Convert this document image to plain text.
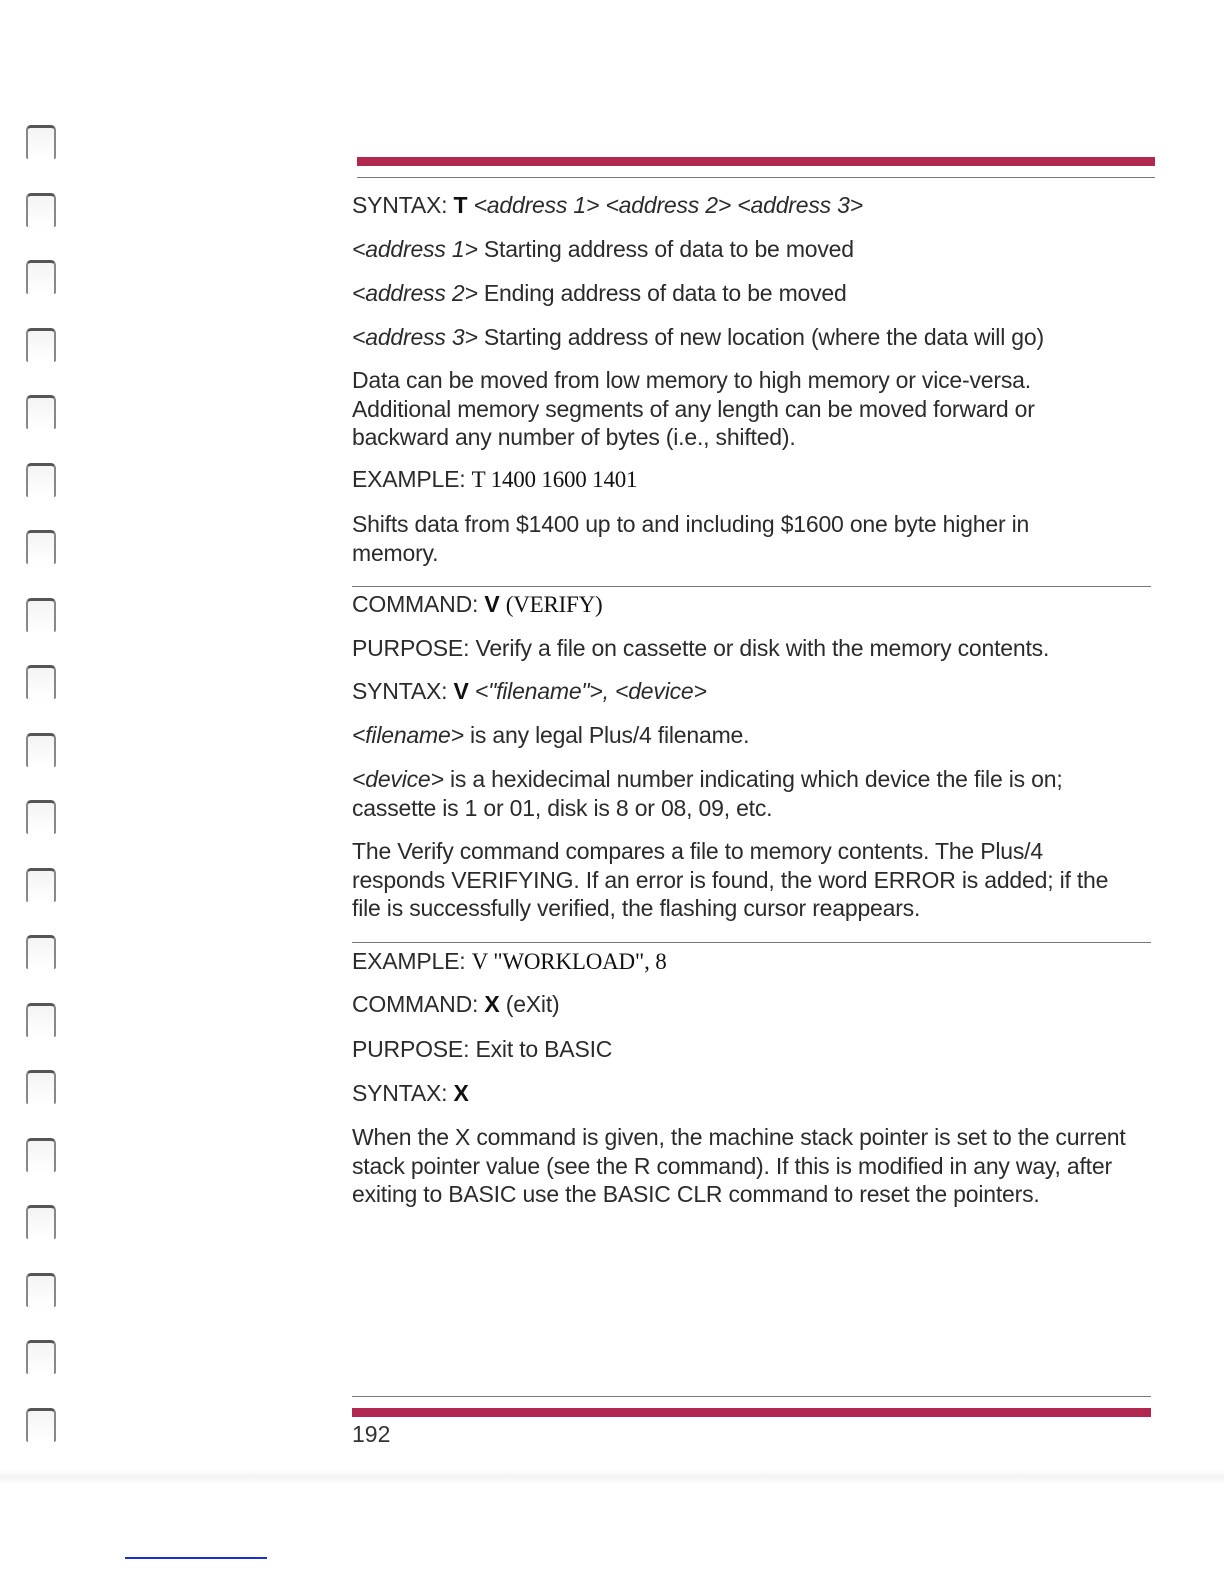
SYNTAX: T <address 1> <address 2> <address 3>

<address 1> Starting address of data to be moved

<address 2> Ending address of data to be moved

<address 3> Starting address of new location (where the data will go)

Data can be moved from low memory to high memory or vice-versa. Additional memory segments of any length can be moved forward or backward any number of bytes (i.e., shifted).

EXAMPLE: T 1400 1600 1401

Shifts data from $1400 up to and including $1600 one byte higher in memory.

COMMAND: V (VERIFY)

PURPOSE: Verify a file on cassette or disk with the memory contents.

SYNTAX: V <"filename">, <device>

<filename> is any legal Plus/4 filename.

<device> is a hexidecimal number indicating which device the file is on; cassette is 1 or 01, disk is 8 or 08, 09, etc.

The Verify command compares a file to memory contents. The Plus/4 responds VERIFYING. If an error is found, the word ERROR is added; if the file is successfully verified, the flashing cursor reappears.

EXAMPLE: V "WORKLOAD", 8

COMMAND: X (eXit)

PURPOSE: Exit to BASIC

SYNTAX: X

When the X command is given, the machine stack pointer is set to the current stack pointer value (see the R command). If this is modified in any way, after exiting to BASIC use the BASIC CLR command to reset the pointers.

192
